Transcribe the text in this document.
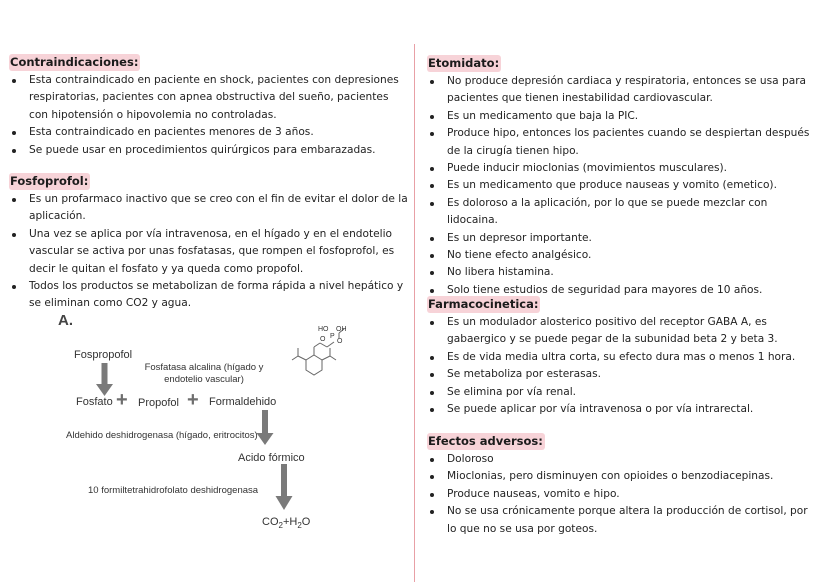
Contraindicaciones:
Esta contraindicado en paciente en shock, pacientes con depresiones respiratorias, pacientes con apnea obstructiva del sueño, pacientes con hipotensión o hipovolemia no controladas.
Esta contraindicado en pacientes menores de 3 años.
Se puede usar en procedimientos quirúrgicos para embarazadas.
Fosfoprofol:
Es un profarmaco inactivo que se creo con el fin de evitar el dolor de la aplicación.
Una vez se aplica por vía intravenosa, en el hígado y en el endotelio vascular se activa por unas fosfatasas, que rompen el fosfoprofol, es decir le quitan el fosfato y ya queda como propofol.
Todos los productos se metabolizan de forma rápida a nivel hepático y se eliminan como CO2 y agua.
A.
Fospropofol
HO
O P
OH
O
Fosfatasa alcalina (hígado y endotelio vascular)
Fosfato + Propofol + Formaldehido
Aldehido deshidrogenasa (hígado, eritrocitos)
Acido fórmico
10 formiltetrahidrofolato deshidrogenasa
$CO_2+H_2O$
Etomidato:
No produce depresión cardiaca y respiratoria, entonces se usa para pacientes que tienen inestabilidad cardiovascular.
Es un medicamento que baja la PIC.
Produce hipo, entonces los pacientes cuando se despiertan después de la cirugía tienen hipo.
Puede inducir mioclonias (movimientos musculares).
Es un medicamento que produce nauseas y vomito (emetico).
Es doloroso a la aplicación, por lo que se puede mezclar con lidocaina.
Es un depresor importante.
No tiene efecto analgésico.
No libera histamina.
Solo tiene estudios de seguridad para mayores de 10 años.
Farmacocinetica:
Es un modulador alosterico positivo del receptor GABA A, es gabaergico y se puede pegar de la subunidad beta 2 y beta 3.
Es de vida media ultra corta, su efecto dura mas o menos 1 hora.
Se metaboliza por esterasas.
Se elimina por vía renal.
Se puede aplicar por vía intravenosa o por vía intrarectal.
Efectos adversos:
Doloroso
Mioclonias, pero disminuyen con opioides o benzodiacepinas.
Produce nauseas, vomito e hipo.
No se usa crónicamente porque altera la producción de cortisol, por lo que no se usa por goteos.
